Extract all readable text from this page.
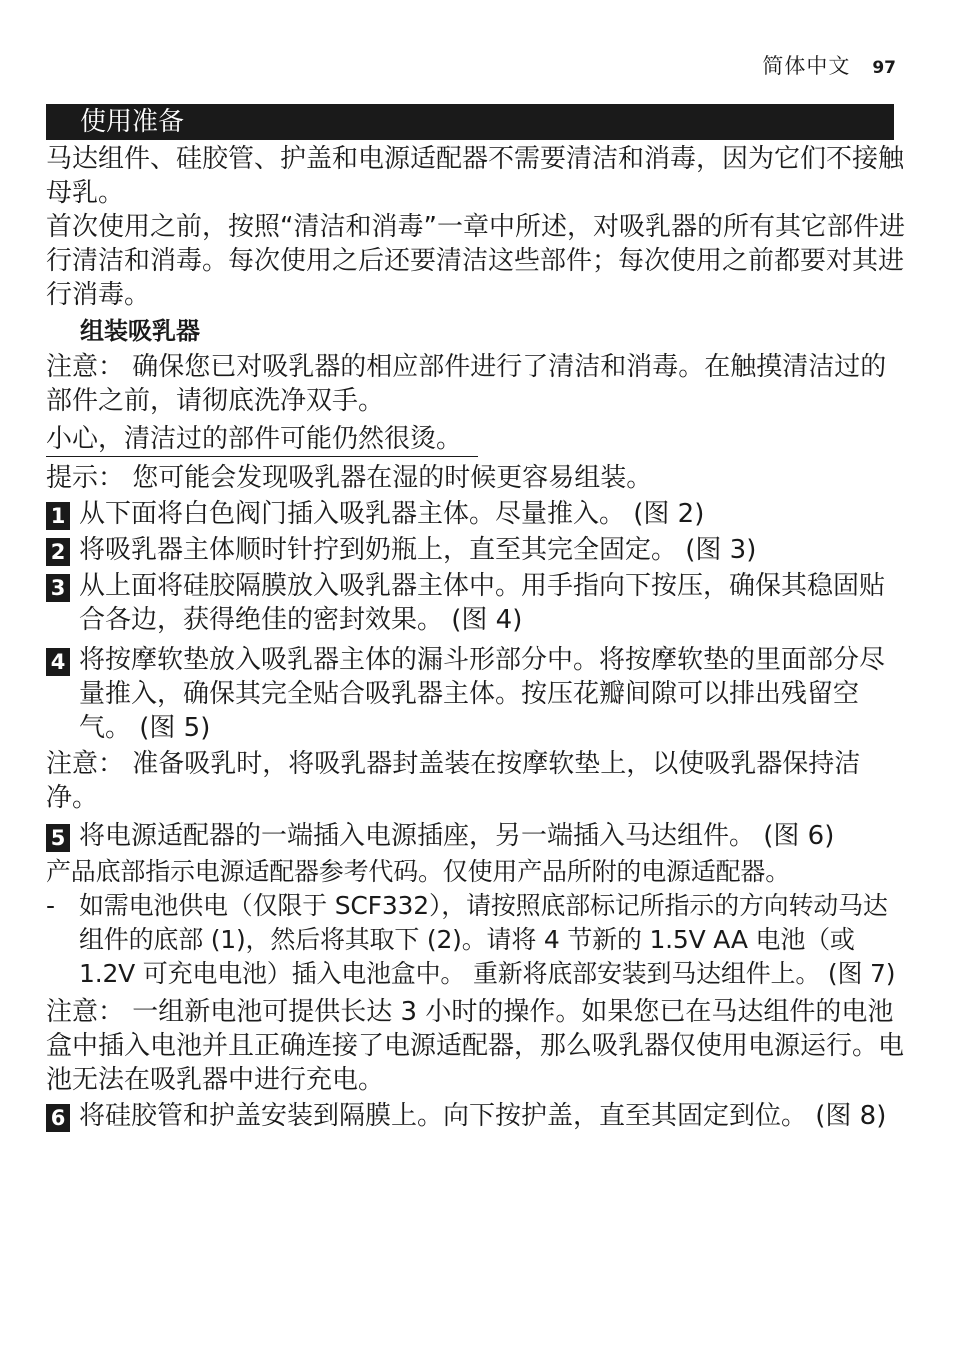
简体中文 97
使用准备

马达组件、硅胶管、护盖和电源适配器不需要清洁和消毒，因为它们不接触母乳。

首次使用之前，按照“清洁和消毒”一章中所述，对吸乳器的所有其它部件进行清洁和消毒。每次使用之后还要清洁这些部件；每次使用之前都要对其进行消毒。

组装吸乳器

注意： 确保您已对吸乳器的相应部件进行了清洁和消毒。在触摸清洁过的部件之前，请彻底洗净双手。

小心，清洁过的部件可能仍然很烫。

提示： 您可能会发现吸乳器在湿的时候更容易组装。

1 从下面将白色阀门插入吸乳器主体。尽量推入。 (图 2)
2 将吸乳器主体顺时针拧到奶瓶上，直至其完全固定。 (图 3)
3 从上面将硅胶隔膜放入吸乳器主体中。用手指向下按压，确保其稳固贴合各边，获得绝佳的密封效果。 (图 4)
4 将按摩软垫放入吸乳器主体的漏斗形部分中。将按摩软垫的里面部分尽量推入，确保其完全贴合吸乳器主体。按压花瓣间隙可以排出残留空气。 (图 5)

注意： 准备吸乳时，将吸乳器封盖装在按摩软垫上，以使吸乳器保持洁净。

5 将电源适配器的一端插入电源插座，另一端插入马达组件。 (图 6)

产品底部指示电源适配器参考代码。仅使用产品所附的电源适配器。

- 如需电池供电（仅限于 SCF332），请按照底部标记所指示的方向转动马达组件的底部 (1)，然后将其取下 (2)。请将 4 节新的 1.5V AA 电池（或 1.2V 可充电电池）插入电池盒中。 重新将底部安装到马达组件上。 (图 7)

注意： 一组新电池可提供长达 3 小时的操作。如果您已在马达组件的电池盒中插入电池并且正确连接了电源适配器，那么吸乳器仅使用电源运行。电池无法在吸乳器中进行充电。

6 将硅胶管和护盖安装到隔膜上。向下按护盖，直至其固定到位。 (图 8)
